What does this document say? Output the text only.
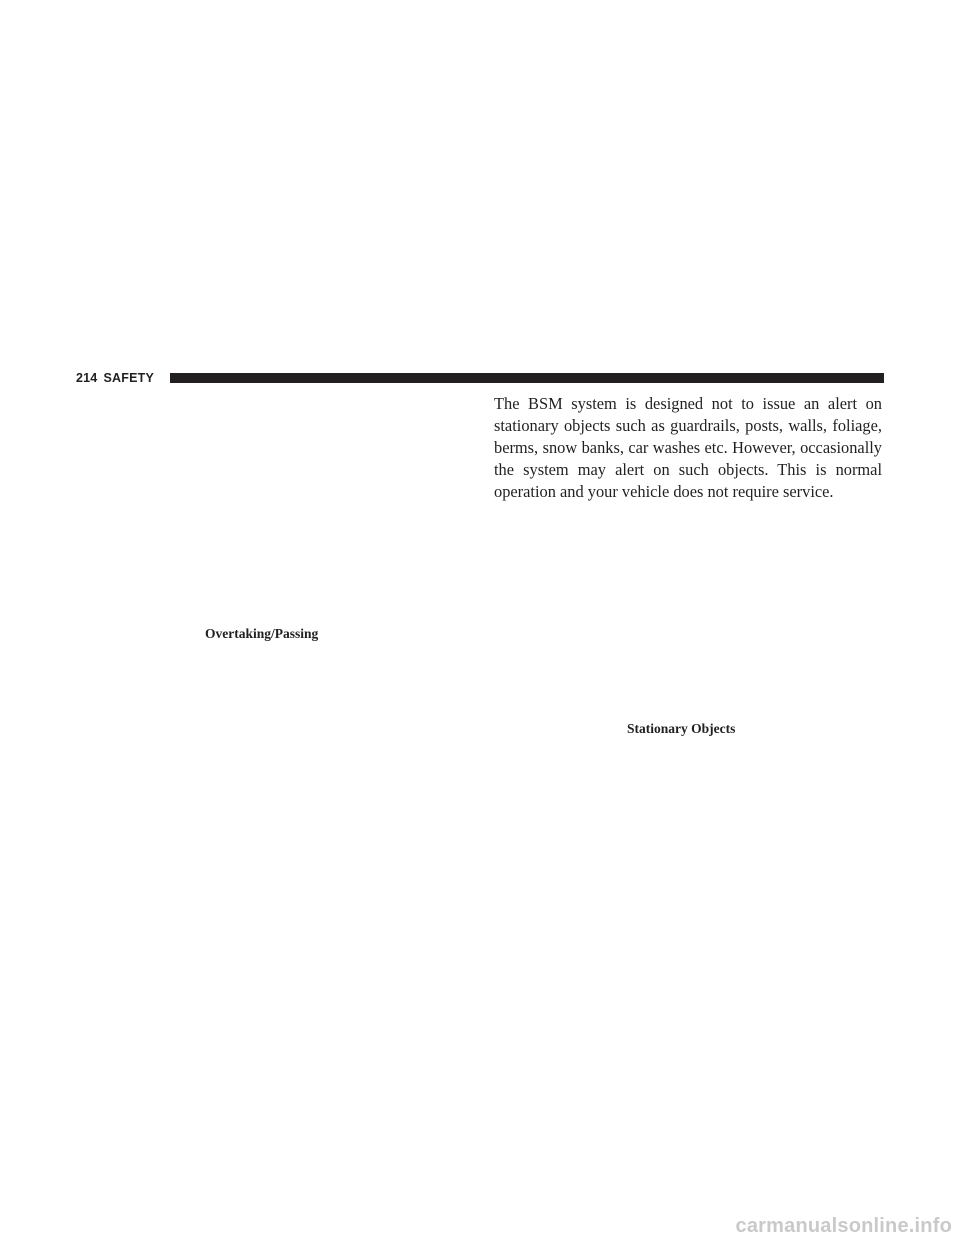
214 SAFETY

The BSM system is designed not to issue an alert on stationary objects such as guardrails, posts, walls, foliage, berms, snow banks, car washes etc. However, occasionally the system may alert on such objects. This is normal operation and your vehicle does not require service.

Overtaking/Passing
Stationary Objects
carmanualsonline.info
